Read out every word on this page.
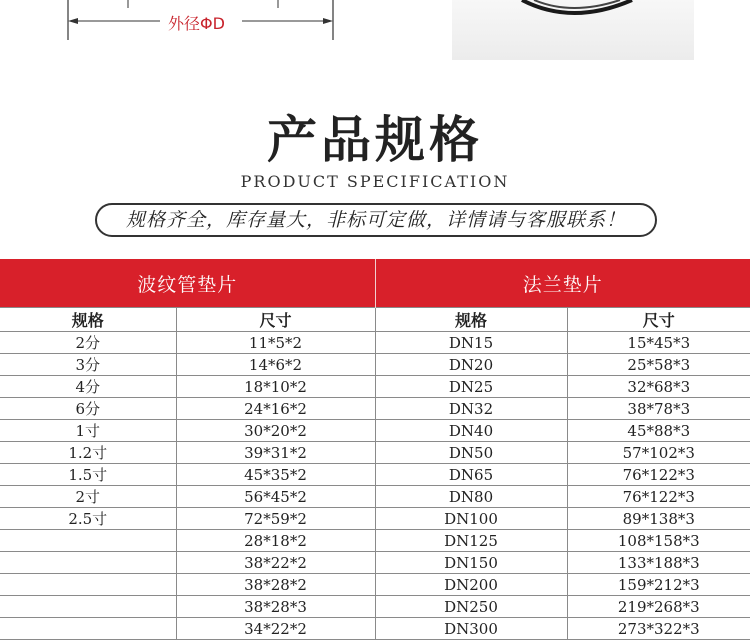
外径ΦD
产品规格
PRODUCT SPECIFICATION
规格齐全，库存量大，非标可定做，详情请与客服联系！
波纹管垫片		法兰垫片	
规格	尺寸	规格	尺寸
2分	11*5*2	DN15	15*45*3
3分	14*6*2	DN20	25*58*3
4分	18*10*2	DN25	32*68*3
6分	24*16*2	DN32	38*78*3
1寸	30*20*2	DN40	45*88*3
1.2寸	39*31*2	DN50	57*102*3
1.5寸	45*35*2	DN65	76*122*3
2寸	56*45*2	DN80	76*122*3
2.5寸	72*59*2	DN100	89*138*3
	28*18*2	DN125	108*158*3
	38*22*2	DN150	133*188*3
	38*28*2	DN200	159*212*3
	38*28*3	DN250	219*268*3
	34*22*2	DN300	273*322*3
